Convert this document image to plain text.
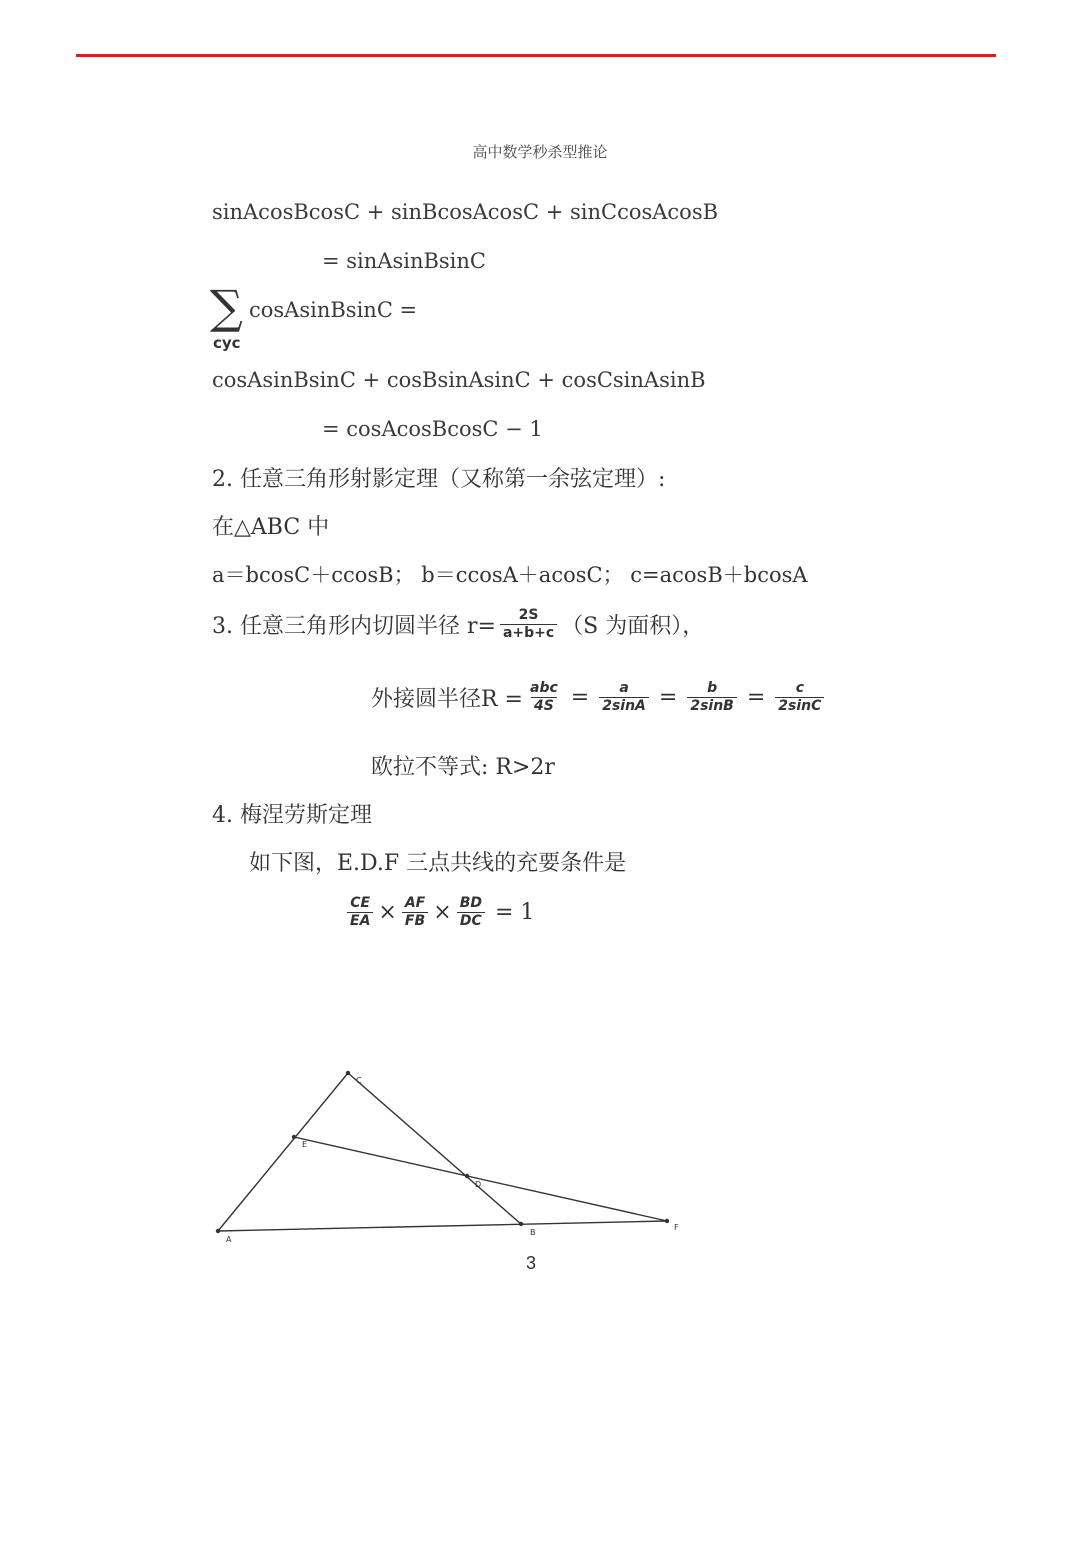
高中数学秒杀型推论
sinAcosBcosC + sinBcosAcosC + sinCcosAcosB
= sinAsinBsinC
∑
cyc
cosAsinBsinC =
cosAsinBsinC + cosBsinAsinC + cosCsinAsinB
= cosAcosBcosC − 1
2. 任意三角形射影定理（又称第一余弦定理）:
在△ABC 中
a＝bcosC＋ccosB； b＝ccosA＋acosC； c=acosB＋bcosA
3. 任意三角形内切圆半径 $r= \frac{2S}{a+b+c} (S$ 为面积），
外接圆半径$R = \frac{\text{abc}}{4S} = \frac{a}{2\sin A} = \frac{b}{2\sin B} = \frac{c}{2\sin C}$
欧拉不等式: R>2r
4. 梅涅劳斯定理
如下图，E.D.F 三点共线的充要条件是
$\frac{CE}{EA} \times \frac{AF}{FB} \times \frac{BD}{DC} = 1$
A
B
C
E
D
F
3
